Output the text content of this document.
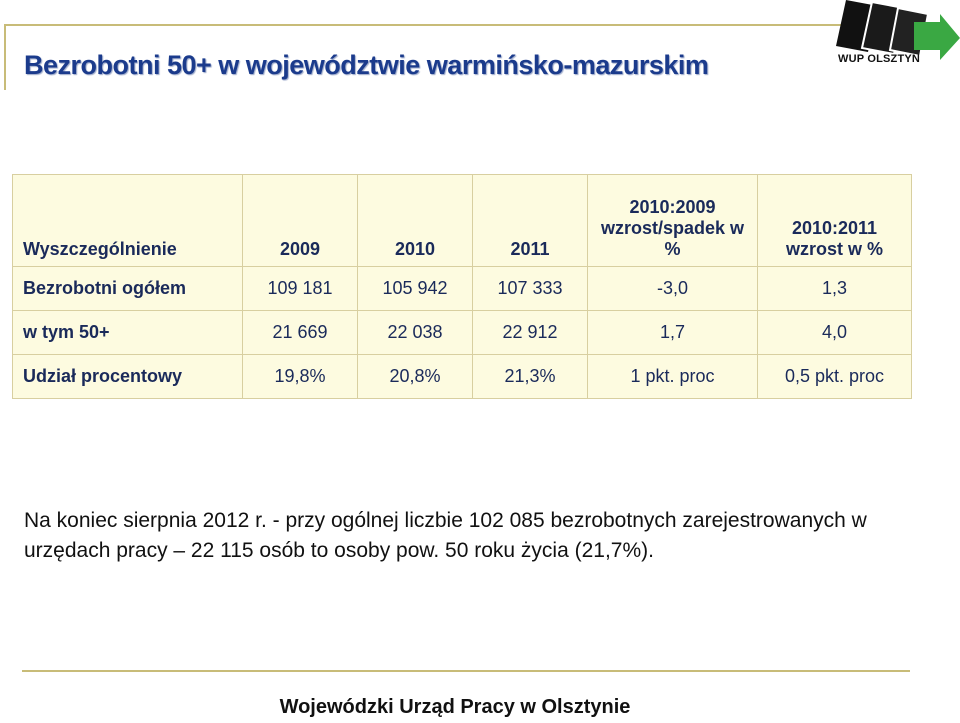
Bezrobotni 50+ w województwie warmińsko-mazurskim	WUP OLSZTYN
Wyszczególnienie	2009	2010	2011	2010:2009 wzrost/spadek w %	2010:2011 wzrost w %
Bezrobotni ogółem	109 181	105 942	107 333	-3,0	1,3
w tym 50+	21 669	22 038	22 912	1,7	4,0
Udział procentowy	19,8%	20,8%	21,3%	1 pkt. proc	0,5 pkt. proc
Na koniec sierpnia 2012 r. - przy ogólnej liczbie 102 085 bezrobotnych zarejestrowanych w urzędach pracy – 22 115 osób to osoby pow. 50 roku życia (21,7%).
Wojewódzki Urząd Pracy w Olsztynie
